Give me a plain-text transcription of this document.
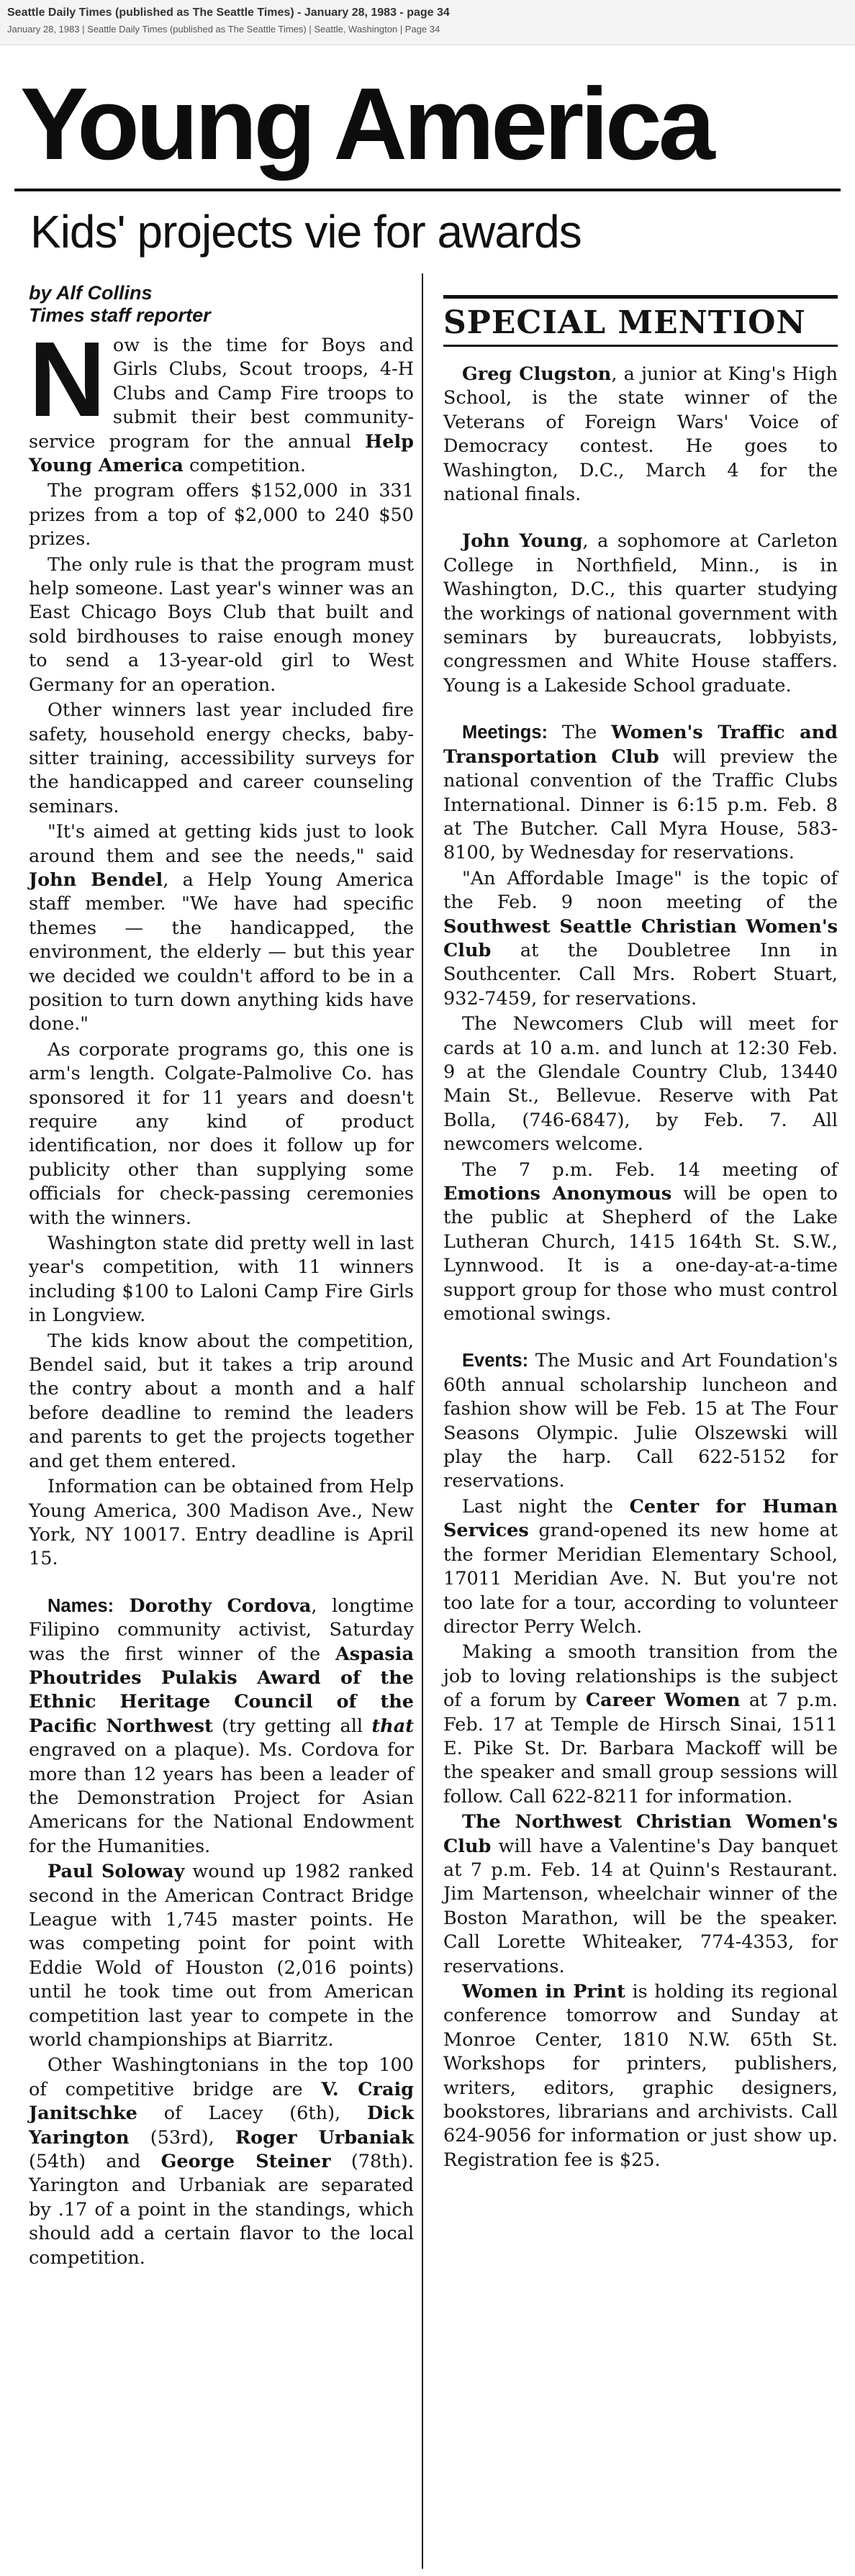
Seattle Daily Times (published as The Seattle Times) - January 28, 1983 - page 34
January 28, 1983 | Seattle Daily Times (published as The Seattle Times) | Seattle, Washington | Page 34
Young America
Kids' projects vie for awards
by Alf Collins
Times staff reporter

Now is the time for Boys and Girls Clubs, Scout troops, 4-H Clubs and Camp Fire troops to submit their best community-service program for the annual Help Young America competition.

The program offers $152,000 in 331 prizes from a top of $2,000 to 240 $50 prizes.

The only rule is that the program must help someone. Last year's winner was an East Chicago Boys Club that built and sold birdhouses to raise enough money to send a 13-year-old girl to West Germany for an operation.

Other winners last year included fire safety, household energy checks, baby-sitter training, accessibility surveys for the handicapped and career counseling seminars.

"It's aimed at getting kids just to look around them and see the needs," said John Bendel, a Help Young America staff member. "We have had specific themes — the handicapped, the environment, the elderly — but this year we decided we couldn't afford to be in a position to turn down anything kids have done."

As corporate programs go, this one is arm's length. Colgate-Palmolive Co. has sponsored it for 11 years and doesn't require any kind of product identification, nor does it follow up for publicity other than supplying some officials for check-passing ceremonies with the winners.

Washington state did pretty well in last year's competition, with 11 winners including $100 to Laloni Camp Fire Girls in Longview.

The kids know about the competition, Bendel said, but it takes a trip around the contry about a month and a half before deadline to remind the leaders and parents to get the projects together and get them entered.

Information can be obtained from Help Young America, 300 Madison Ave., New York, NY 10017. Entry deadline is April 15.

Names: Dorothy Cordova, longtime Filipino community activist, Saturday was the first winner of the Aspasia Phoutrides Pulakis Award of the Ethnic Heritage Council of the Pacific Northwest (try getting all that engraved on a plaque). Ms. Cordova for more than 12 years has been a leader of the Demonstration Project for Asian Americans for the National Endowment for the Humanities.

Paul Soloway wound up 1982 ranked second in the American Contract Bridge League with 1,745 master points. He was competing point for point with Eddie Wold of Houston (2,016 points) until he took time out from American competition last year to compete in the world championships at Biarritz.

Other Washingtonians in the top 100 of competitive bridge are V. Craig Janitschke of Lacey (6th), Dick Yarington (53rd), Roger Urbaniak (54th) and George Steiner (78th). Yarington and Urbaniak are separated by .17 of a point in the standings, which should add a certain flavor to the local competition.

SPECIAL MENTION

Greg Clugston, a junior at King's High School, is the state winner of the Veterans of Foreign Wars' Voice of Democracy contest. He goes to Washington, D.C., March 4 for the national finals.

John Young, a sophomore at Carleton College in Northfield, Minn., is in Washington, D.C., this quarter studying the workings of national government with seminars by bureaucrats, lobbyists, congressmen and White House staffers. Young is a Lakeside School graduate.

Meetings: The Women's Traffic and Transportation Club will preview the national convention of the Traffic Clubs International. Dinner is 6:15 p.m. Feb. 8 at The Butcher. Call Myra House, 583-8100, by Wednesday for reservations.

"An Affordable Image" is the topic of the Feb. 9 noon meeting of the Southwest Seattle Christian Women's Club at the Doubletree Inn in Southcenter. Call Mrs. Robert Stuart, 932-7459, for reservations.

The Newcomers Club will meet for cards at 10 a.m. and lunch at 12:30 Feb. 9 at the Glendale Country Club, 13440 Main St., Bellevue. Reserve with Pat Bolla, (746-6847), by Feb. 7. All newcomers welcome.

The 7 p.m. Feb. 14 meeting of Emotions Anonymous will be open to the public at Shepherd of the Lake Lutheran Church, 1415 164th St. S.W., Lynnwood. It is a one-day-at-a-time support group for those who must control emotional swings.

Events: The Music and Art Foundation's 60th annual scholarship luncheon and fashion show will be Feb. 15 at The Four Seasons Olympic. Julie Olszewski will play the harp. Call 622-5152 for reservations.

Last night the Center for Human Services grand-opened its new home at the former Meridian Elementary School, 17011 Meridian Ave. N. But you're not too late for a tour, according to volunteer director Perry Welch.

Making a smooth transition from the job to loving relationships is the subject of a forum by Career Women at 7 p.m. Feb. 17 at Temple de Hirsch Sinai, 1511 E. Pike St. Dr. Barbara Mackoff will be the speaker and small group sessions will follow. Call 622-8211 for information.

The Northwest Christian Women's Club will have a Valentine's Day banquet at 7 p.m. Feb. 14 at Quinn's Restaurant. Jim Martenson, wheelchair winner of the Boston Marathon, will be the speaker. Call Lorette Whiteaker, 774-4353, for reservations.

Women in Print is holding its regional conference tomorrow and Sunday at Monroe Center, 1810 N.W. 65th St. Workshops for printers, publishers, writers, editors, graphic designers, bookstores, librarians and archivists. Call 624-9056 for information or just show up. Registration fee is $25.
